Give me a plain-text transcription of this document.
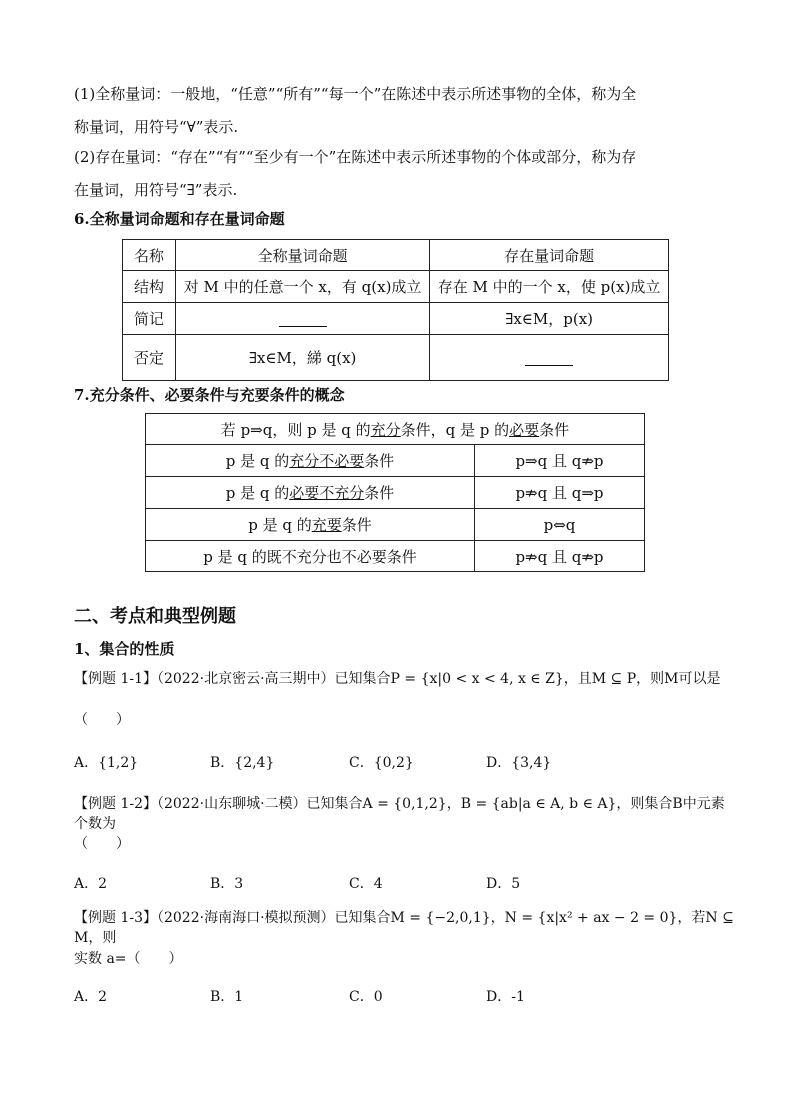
(1)全称量词：一般地，“任意”“所有”“每一个”在陈述中表示所述事物的全体，称为全
称量词，用符号“∀”表示.
(2)存在量词：“存在”“有”“至少有一个”在陈述中表示所述事物的个体或部分，称为存
在量词，用符号“∃”表示.
6.全称量词命题和存在量词命题
名称	全称量词命题	存在量词命题
结构	对 M 中的任意一个 x，有 q(x)成立	存在 M 中的一个 x，使 p(x)成立
简记		∃x∈M，p(x)
否定	∃x∈M，綈 q(x)	
7.充分条件、必要条件与充要条件的概念
若 p⇒q，则 p 是 q 的充分条件，q 是 p 的必要条件	
p 是 q 的充分不必要条件	p⇒q 且 q⇏p
p 是 q 的必要不充分条件	p⇏q 且 q⇒p
p 是 q 的充要条件	p⇔q
p 是 q 的既不充分也不必要条件	p⇏q 且 q⇏p
二、考点和典型例题
1、集合的性质
【例题 1-1】（2022·北京密云·高三期中）已知集合P = {x|0 < x < 4, x ∈ Z}，且M ⊆ P，则M可以是
（　　）
A．{1,2}	B．{2,4}	C．{0,2}	D．{3,4}
【例题 1-2】（2022·山东聊城·二模）已知集合A = {0,1,2}，B = {ab|a ∈ A, b ∈ A}，则集合B中元素个数为
（　　）
A．2	B．3	C．4	D．5
【例题 1-3】（2022·海南海口·模拟预测）已知集合M = {−2,0,1}，N = {x|x² + ax − 2 = 0}，若N ⊆ M，则
实数 a=（　　）
A．2	B．1	C．0	D．-1
